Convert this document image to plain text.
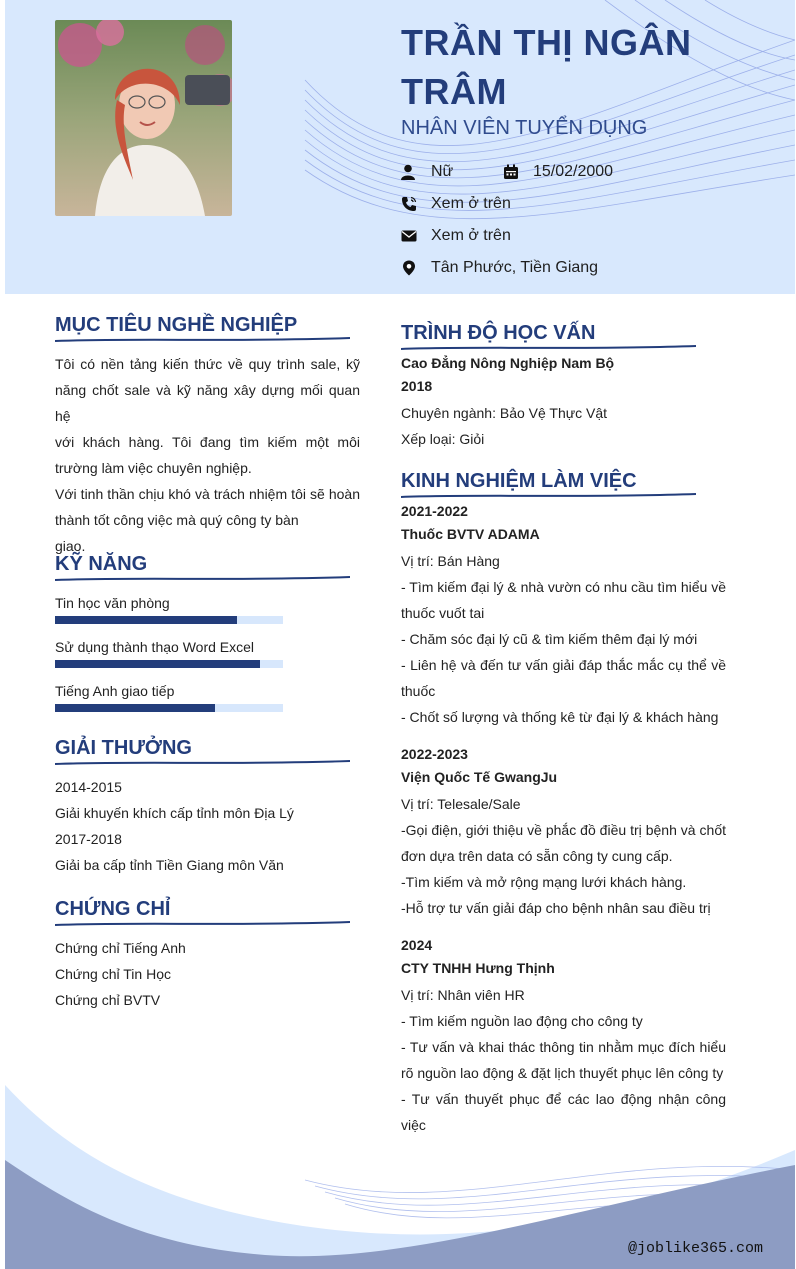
TRẦN THỊ NGÂN
TRÂM
NHÂN VIÊN TUYỂN DỤNG
Nữ	15/02/2000
Xem ở trên
Xem ở trên
Tân Phước, Tiền Giang
MỤC TIÊU NGHỀ NGHIỆP
Tôi có nền tảng kiến thức về quy trình sale, kỹ
năng chốt sale và kỹ năng xây dựng mối quan hệ
với khách hàng. Tôi đang tìm kiếm một môi
trường làm việc chuyên nghiệp.
Với tinh thần chịu khó và trách nhiệm tôi sẽ hoàn
thành tốt công việc mà quý công ty bàn
giao.
KỸ NĂNG
Tin học văn phòng
Sử dụng thành thạo Word Excel
Tiếng Anh giao tiếp
GIẢI THƯỞNG
2014-2015
Giải khuyến khích cấp tỉnh môn Địa Lý
2017-2018
Giải ba cấp tỉnh Tiền Giang môn Văn
CHỨNG CHỈ
Chứng chỉ Tiếng Anh
Chứng chỉ Tin Học
Chứng chỉ BVTV
TRÌNH ĐỘ HỌC VẤN
Cao Đẳng Nông Nghiệp Nam Bộ
2018
Chuyên ngành: Bảo Vệ Thực Vật
Xếp loại: Giỏi
KINH NGHIỆM LÀM VIỆC
2021-2022
Thuốc BVTV ADAMA
Vị trí: Bán Hàng
- Tìm kiếm đại lý & nhà vườn có nhu cầu tìm hiểu về
thuốc vuốt tai
- Chăm sóc đại lý cũ & tìm kiếm thêm đại lý mới
- Liên hệ và đến tư vấn giải đáp thắc mắc cụ thể về
thuốc
- Chốt số lượng và thống kê từ đại lý & khách hàng
2022-2023
Viện Quốc Tế GwangJu
Vị trí: Telesale/Sale
-Gọi điện, giới thiệu về phắc đồ điều trị bệnh và chốt
đơn dựa trên data có sẵn công ty cung cấp.
-Tìm kiếm và mở rộng mạng lưới khách hàng.
-Hỗ trợ tư vấn giải đáp cho bệnh nhân sau điều trị
2024
CTY TNHH Hưng Thịnh
Vị trí: Nhân viên HR
- Tìm kiếm nguồn lao động cho công ty
- Tư vấn và khai thác thông tin nhằm mục đích hiểu
rõ nguồn lao động & đặt lịch thuyết phục lên công ty
- Tư vấn thuyết phục để các lao động nhận công
việc
@joblike365.com
